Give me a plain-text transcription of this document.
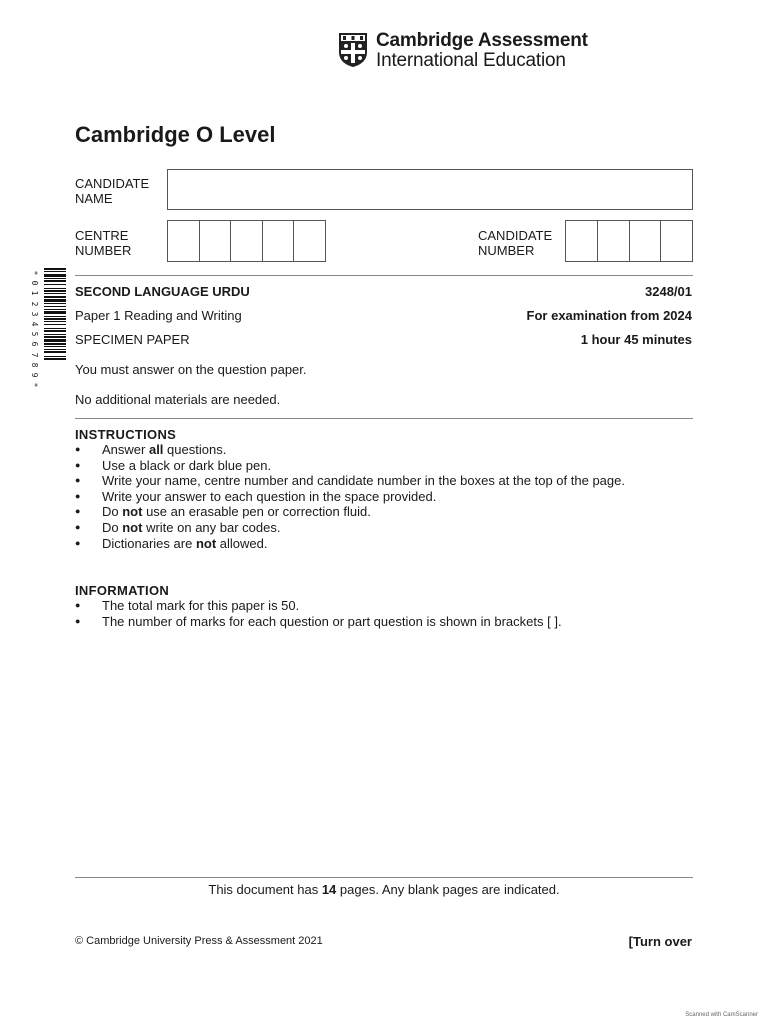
Cambridge Assessment
International Education
Cambridge O Level
CANDIDATE
NAME
CENTRE
NUMBER
CANDIDATE
NUMBER
*
0
1
2
3
4
5
6
7
8
9
*
SECOND LANGUAGE URDU	3248/01
Paper 1 Reading and Writing	For examination from 2024
SPECIMEN PAPER	1 hour 45 minutes
You must answer on the question paper.
No additional materials are needed.
INSTRUCTIONS
● Answer all questions.
● Use a black or dark blue pen.
● Write your name, centre number and candidate number in the boxes at the top of the page.
● Write your answer to each question in the space provided.
● Do not use an erasable pen or correction fluid.
● Do not write on any bar codes.
● Dictionaries are not allowed.
INFORMATION
● The total mark for this paper is 50.
● The number of marks for each question or part question is shown in brackets [ ].
This document has 14 pages. Any blank pages are indicated.
© Cambridge University Press & Assessment 2021	[Turn over
Scanned with CamScanner
